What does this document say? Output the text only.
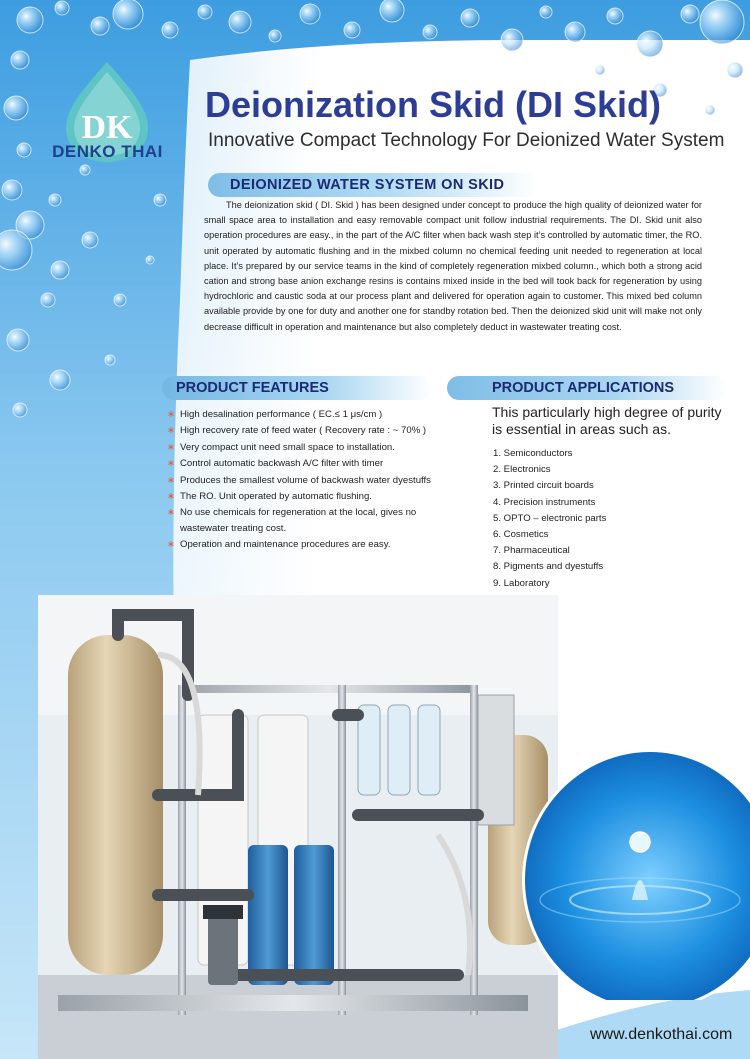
DK
DENKO THAI
Deionization Skid (DI Skid)
Innovative Compact Technology For Deionized Water System
DEIONIZED WATER SYSTEM ON SKID
The deionization skid ( DI. Skid ) has been designed under concept to produce the high quality of deionized water for small space area to installation and easy removable compact unit follow industrial requirements. The DI. Skid unit also operation procedures are easy., in the part of the A/C filter when back wash step it’s controlled by automatic timer, the RO. unit operated by automatic flushing and in the mixbed column no chemical feeding unit needed to regeneration at local place. It’s prepared by our service teams in the kind of completely regeneration mixbed column., which both a strong acid cation and strong base anion exchange resins is contains mixed inside in the bed will took back for regeneration by using hydrochloric and caustic soda at our process plant and delivered for operation again to customer. This mixed bed column available provide by one for duty and another one for standby rotation bed. Then the deionized skid unit will make not only decrease difficult in operation and maintenance but also completely deduct in wastewater treating cost.
PRODUCT FEATURES
∗ High desalination performance ( EC.≤ 1 μs/cm )
∗ High recovery rate of feed water ( Recovery rate : ~ 70% )
∗ Very compact unit need small space to installation.
∗ Control automatic backwash A/C filter with timer
∗ Produces the smallest volume of backwash water dyestuffs
∗ The RO. Unit operated by automatic flushing.
∗ No use chemicals for regeneration at the local, gives no wastewater treating cost.
∗ Operation and maintenance procedures are easy.
PRODUCT APPLICATIONS
This particularly high degree of purity is essential in areas such as.
1. Semiconductors
2. Electronics
3. Printed circuit boards
4. Precision instruments
5. OPTO – electronic parts
6. Cosmetics
7. Pharmaceutical
8. Pigments and dyestuffs
9. Laboratory
www.denkothai.com
